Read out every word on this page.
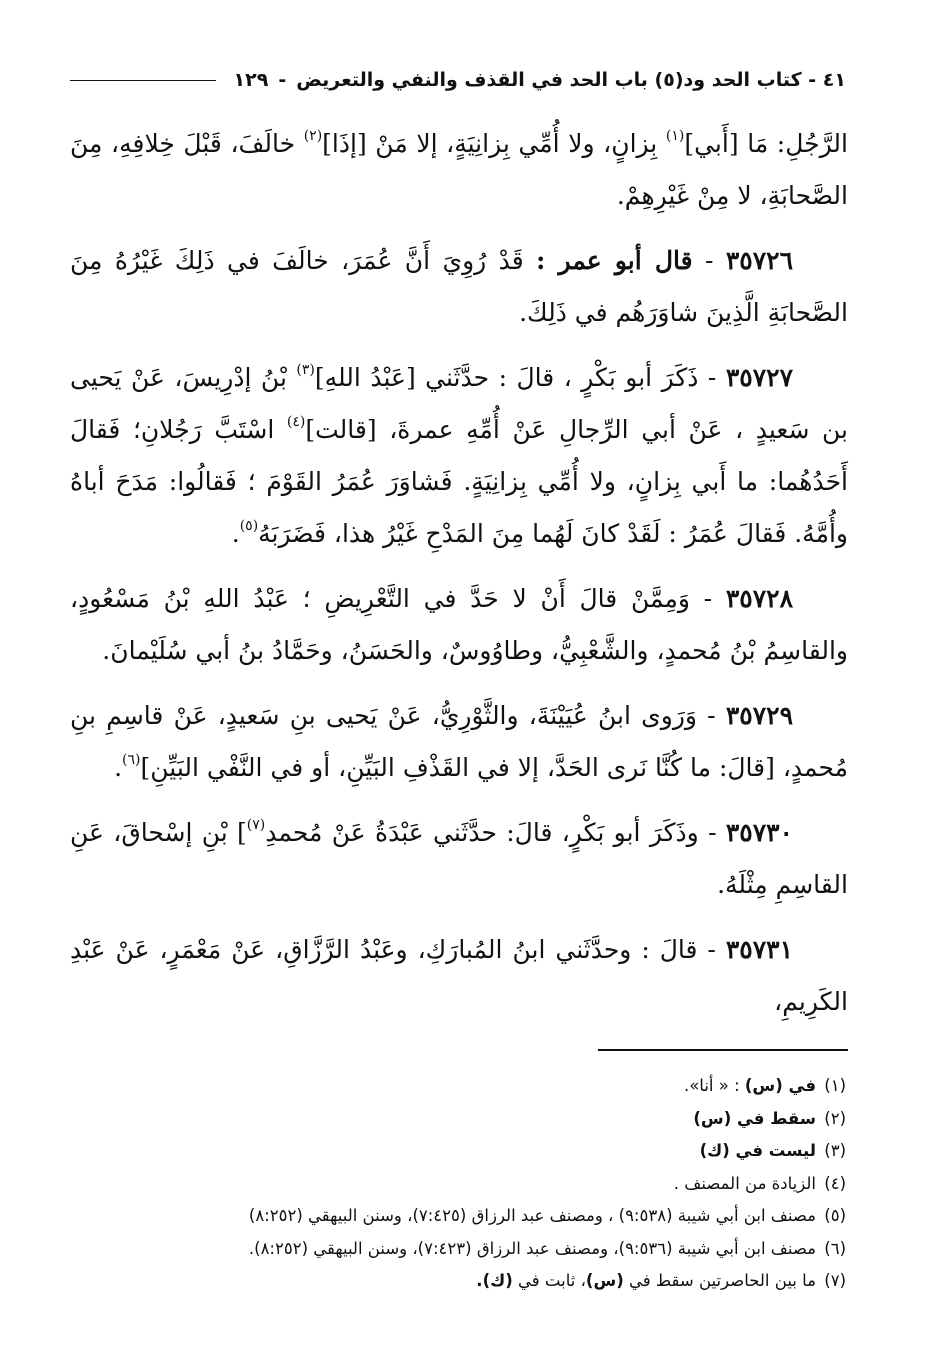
٤١ - كتاب الحد ود(٥) باب الحد في القذف والنفي والتعريض
-
١٢٩

الرَّجُلِ: مَا [أَبي]$^{(١)}$ بِزانٍ، ولا أُمِّي بِزانِيَةٍ، إلا مَنْ [إذَا]$^{(٢)}$ خالَفَ، قَبْلَ خِلافِهِ، مِنَ الصَّحابَةِ، لا مِنْ غَيْرِهِمْ.

٣٥٧٢٦ - قال أبو عمر : قَدْ رُوِيَ أَنَّ عُمَرَ، خالَفَ في ذَلِكَ غَيْرُهُ مِنَ الصَّحابَةِ الَّذِينَ شاوَرَهُم في ذَلِكَ.

٣٥٧٢٧ - ذَكَرَ أبو بَكْرٍ ، قالَ : حدَّثَني [عَبْدُ اللهِ]$^{(٣)}$ بْنُ إدْرِيسَ، عَنْ يَحيى بن سَعيدٍ ، عَنْ أبي الرِّجالِ عَنْ أُمِّهِ عمرةَ، [قالت]$^{(٤)}$ اسْتَبَّ رَجُلانِ؛ فَقالَ أَحَدُهُما: ما أَبي بِزانٍ، ولا أُمِّي بِزانِيَةٍ. فَشاوَرَ عُمَرُ القَوْمَ ؛ فَقالُوا: مَدَحَ أباهُ وأُمَّهُ. فَقالَ عُمَرُ : لَقَدْ كانَ لَهُما مِنَ المَدْحِ غَيْرُ هذا، فَضَرَبَهُ$^{(٥)}$.

٣٥٧٢٨ - وَمِمَّنْ قالَ أَنْ لا حَدَّ في التَّعْرِيضِ ؛ عَبْدُ اللهِ بْنُ مَسْعُودٍ، والقاسِمُ بْنُ مُحمدٍ، والشَّعْبِيُّ، وطاوُوسٌ، والحَسَنُ، وحَمَّادُ بنُ أبي سُلَيْمانَ.

٣٥٧٢٩ - وَرَوى ابنُ عُيَيْنَةَ، والثَّوْرِيُّ، عَنْ يَحيى بنِ سَعيدٍ، عَنْ قاسِمِ بنِ مُحمدٍ، [قالَ: ما كُنَّا نَرى الحَدَّ، إلا في القَذْفِ البَيِّنِ، أو في النَّفْي البَيِّنِ]$^{(٦)}$.

٣٥٧٣٠ - وذَكَرَ أبو بَكْرٍ، قالَ: حدَّثَني عَبْدَةُ عَنْ مُحمدِ$^{(٧)}$] بْنِ إسْحاقَ، عَنِ القاسِمِ مِثْلَهُ.

٣٥٧٣١ - قالَ : وحدَّثَني ابنُ المُبارَكِ، وعَبْدُ الرَّزَّاقِ، عَنْ مَعْمَرٍ، عَنْ عَبْدِ الكَرِيمِ،

(١)في (س) : « أنا».
(٢)سقط في (س)
(٣)ليست في (ك)
(٤)الزيادة من المصنف .
(٥)مصنف ابن أبي شيبة (٩:٥٣٨) ، ومصنف عبد الرزاق (٧:٤٢٥)، وسنن البيهقي (٨:٢٥٢)
(٦)مصنف ابن أبي شيبة (٩:٥٣٦)، ومصنف عبد الرزاق (٧:٤٢٣)، وسنن البيهقي (٨:٢٥٢).
(٧)ما بين الحاصرتين سقط في (س)، ثابت في (ك).
